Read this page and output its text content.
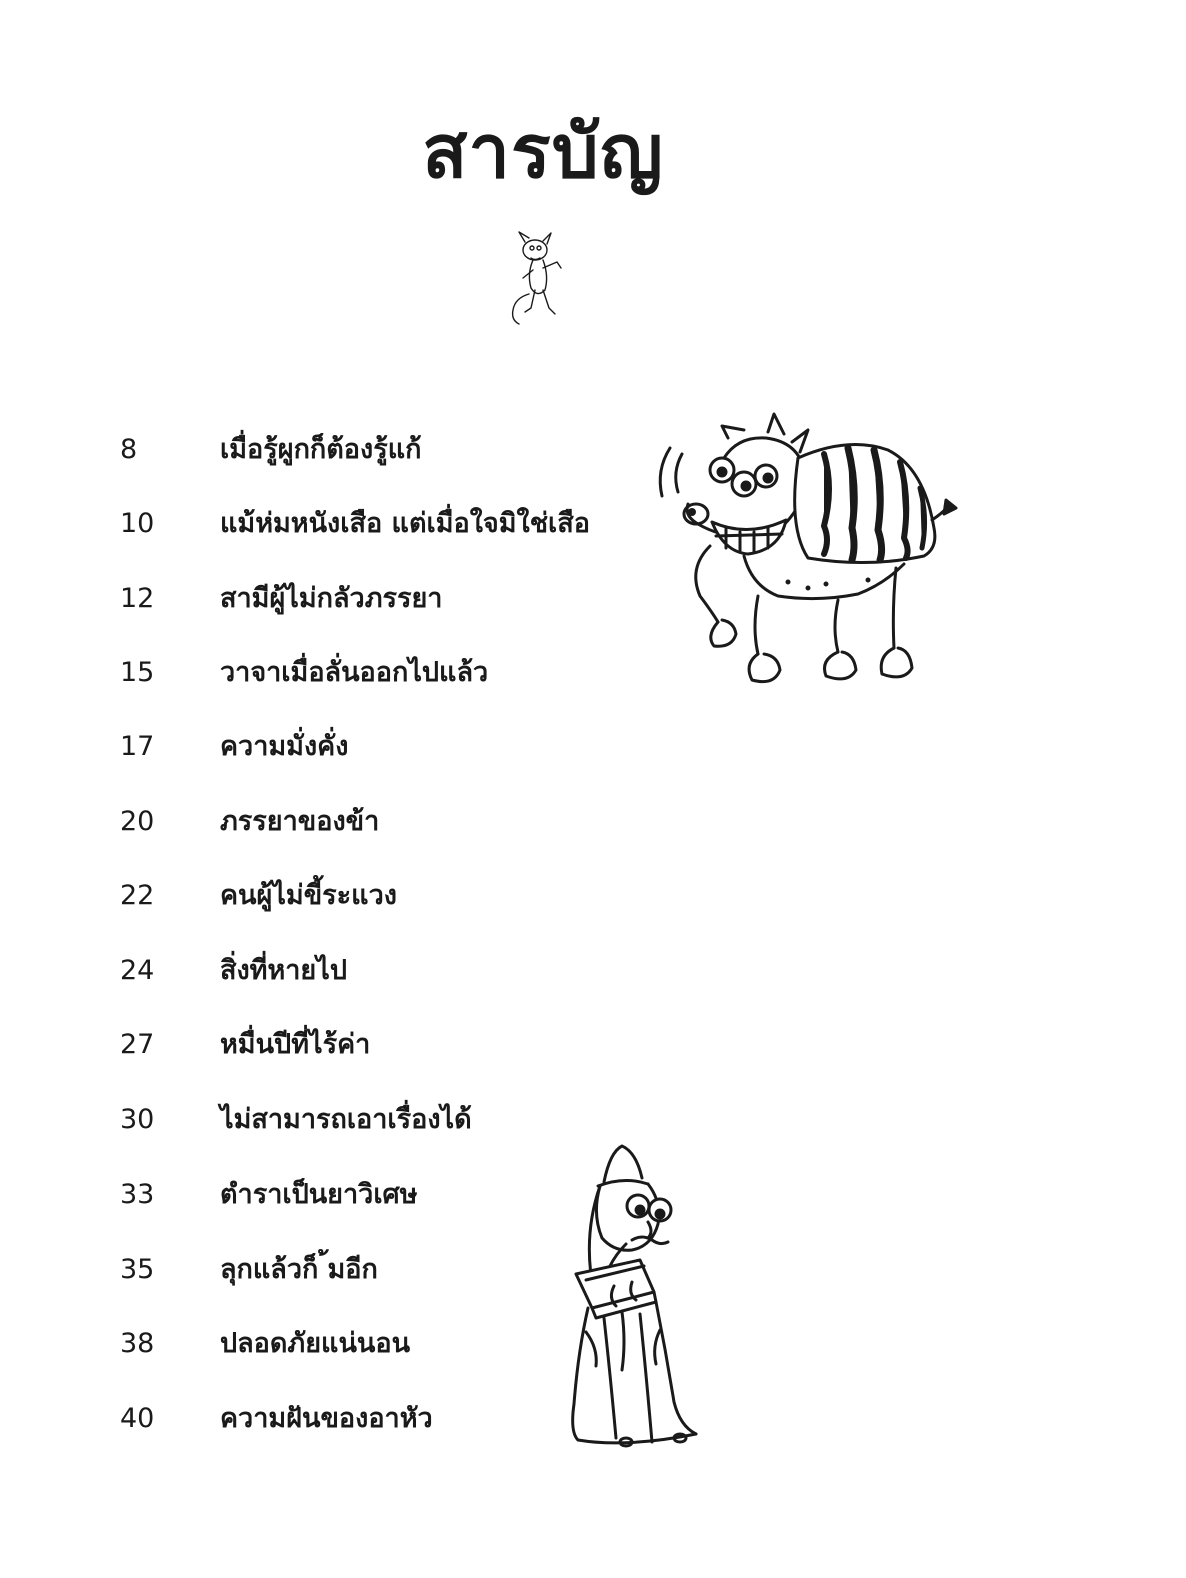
สารบัญ
8	เมื่อรู้ผูกก็ต้องรู้แก้
10	แม้ห่มหนังเสือ แต่เมื่อใจมิใช่เสือ
12	สามีผู้ไม่กลัวภรรยา
15	วาจาเมื่อลั่นออกไปแล้ว
17	ความมั่งคั่ง
20	ภรรยาของข้า
22	คนผู้ไม่ขี้ระแวง
24	สิ่งที่หายไป
27	หมื่นปีที่ไร้ค่า
30	ไม่สามารถเอาเรื่องได้
33	ตำราเป็นยาวิเศษ
35	ลุกแล้วก็ ้มอีก
38	ปลอดภัยแน่นอน
40	ความฝันของอาหัว
